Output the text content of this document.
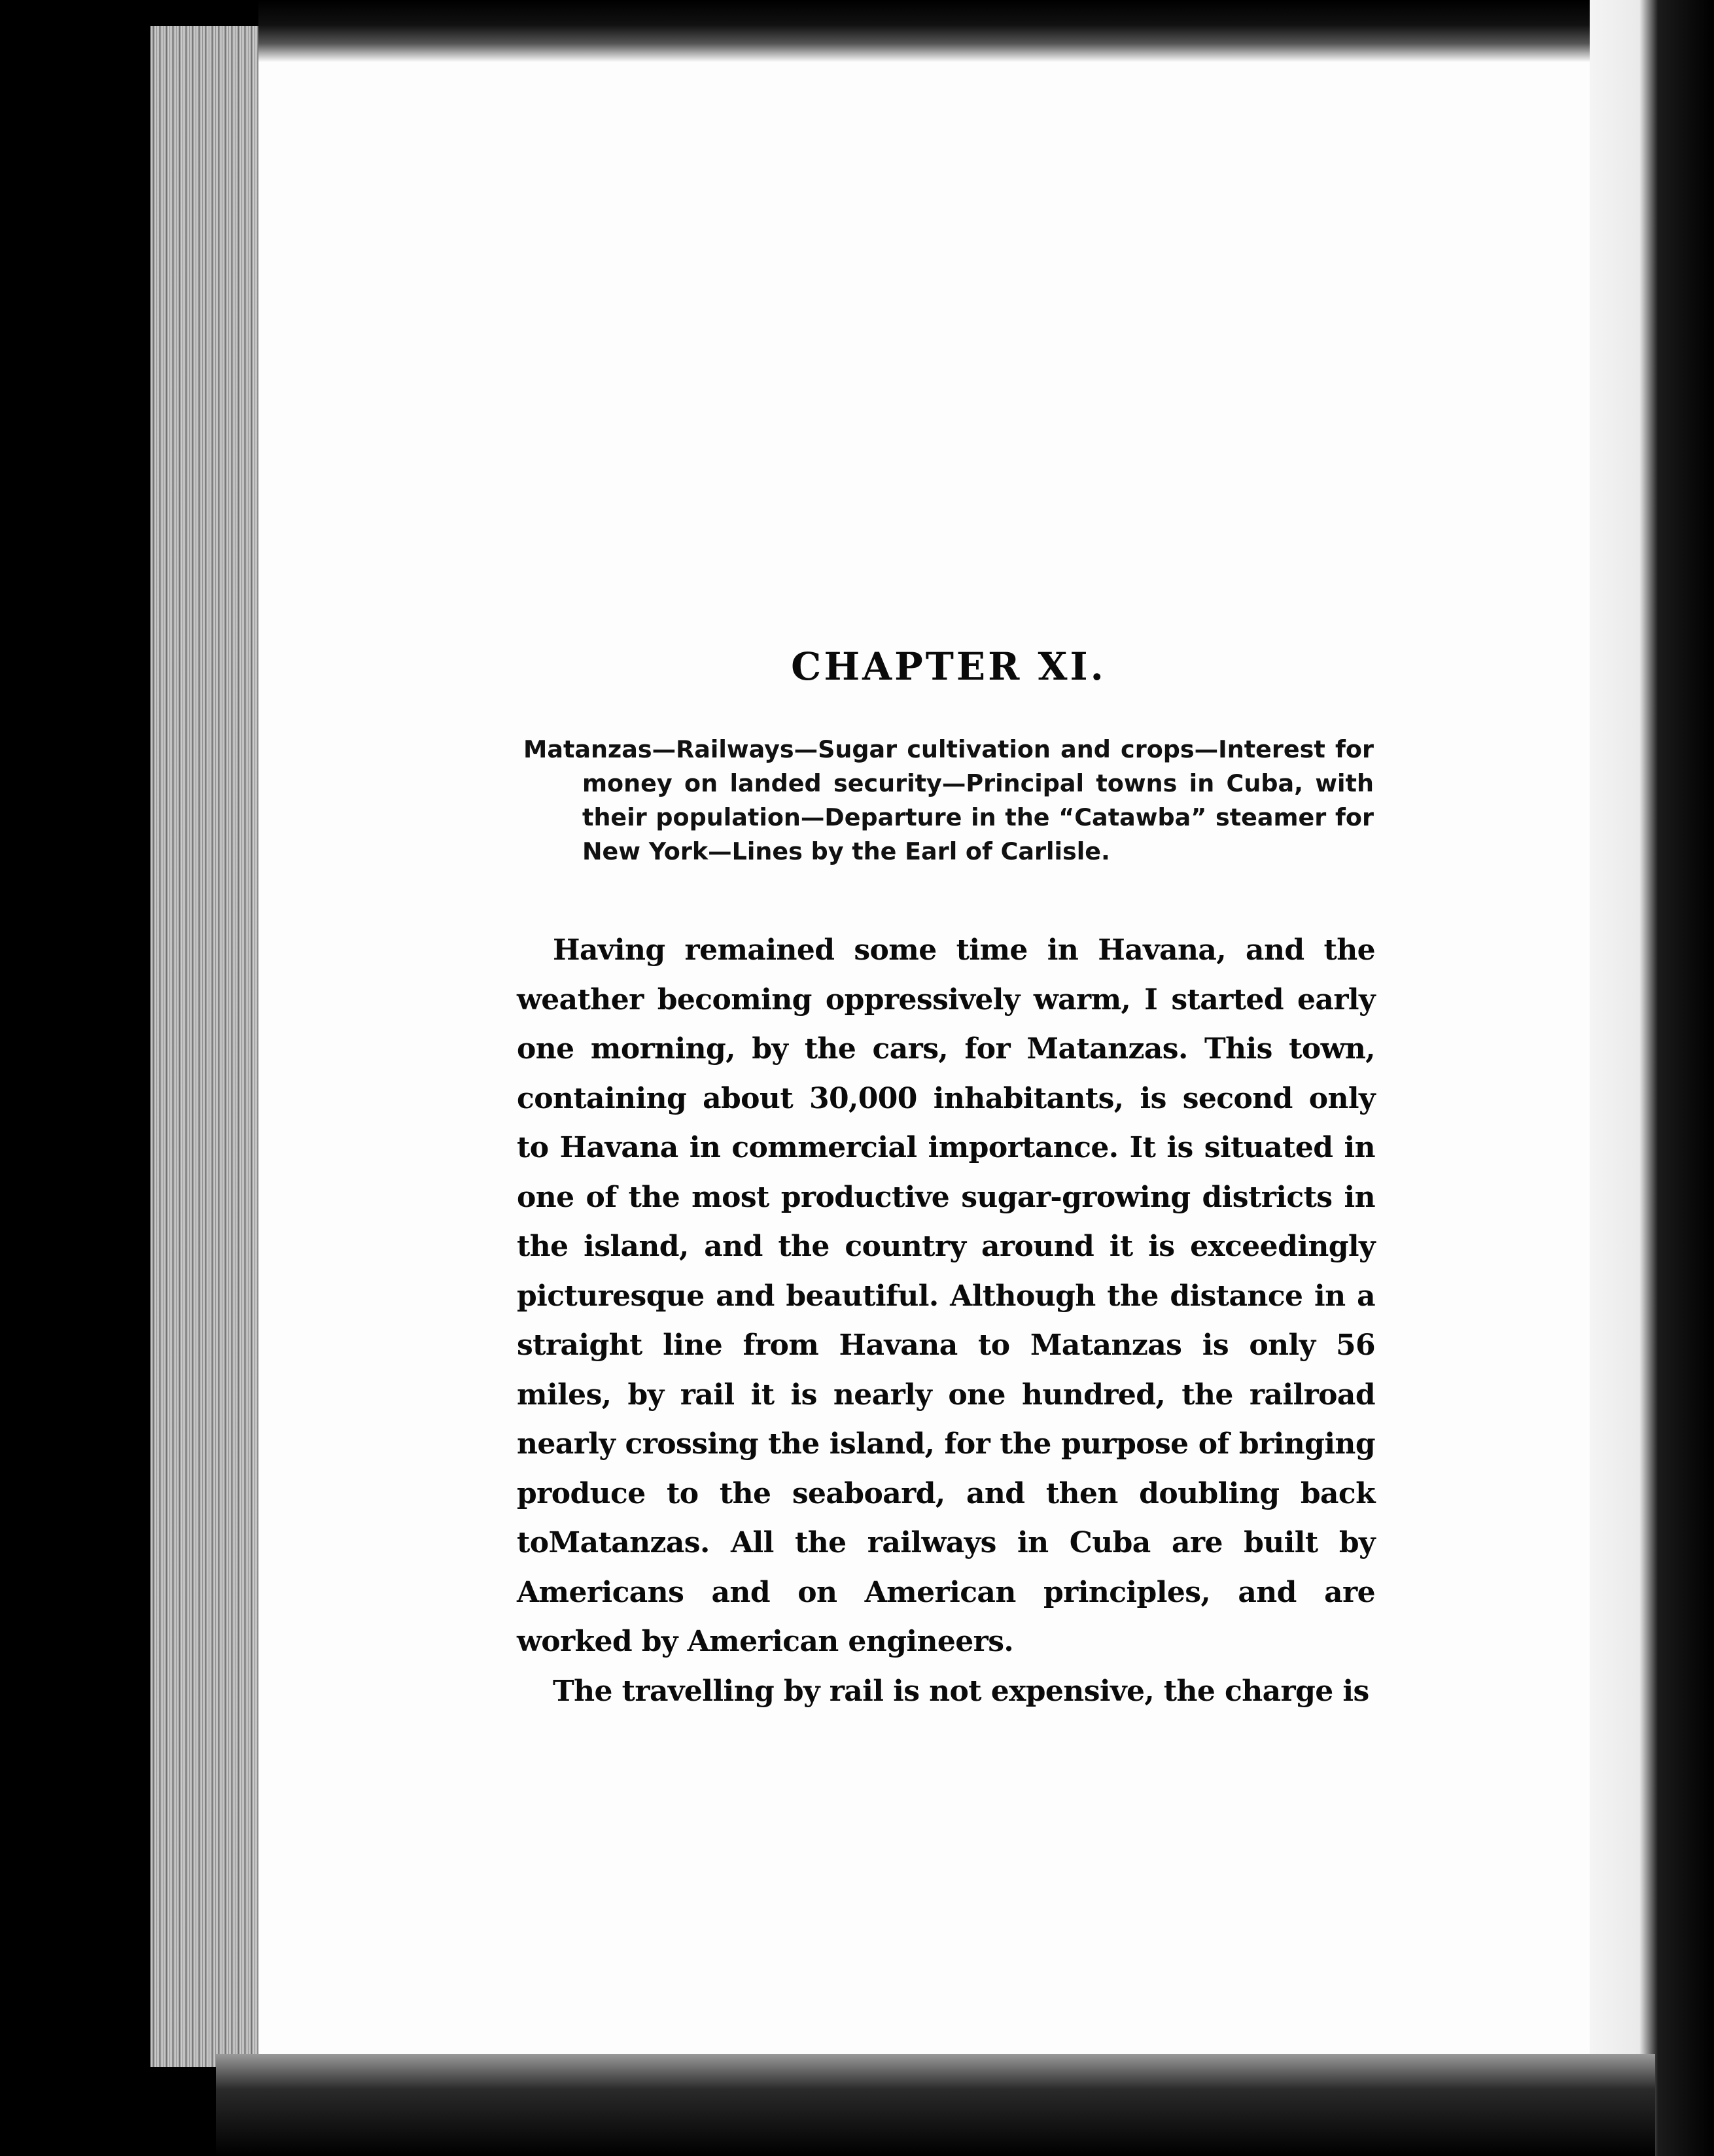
CHAPTER XI.
Matanzas—Railways—Sugar cultivation and crops—Interest for money on landed security—Principal towns in Cuba, with their population—Departure in the “Catawba” steamer for New York—Lines by the Earl of Carlisle.

Having remained some time in Havana, and the weather becoming oppressively warm, I started early one morning, by the cars, for Matanzas. This town, containing about 30,000 inhabitants, is second only to Havana in commercial importance. It is situated in one of the most productive sugar-growing districts in the island, and the country around it is exceedingly picturesque and beautiful. Although the distance in a straight line from Havana to Matanzas is only 56 miles, by rail it is nearly one hundred, the railroad nearly crossing the island, for the purpose of bringing produce to the seaboard, and then doubling back toMatanzas. All the railways in Cuba are built by Americans and on American principles, and are worked by American engineers.

The travelling by rail is not expensive, the charge is
